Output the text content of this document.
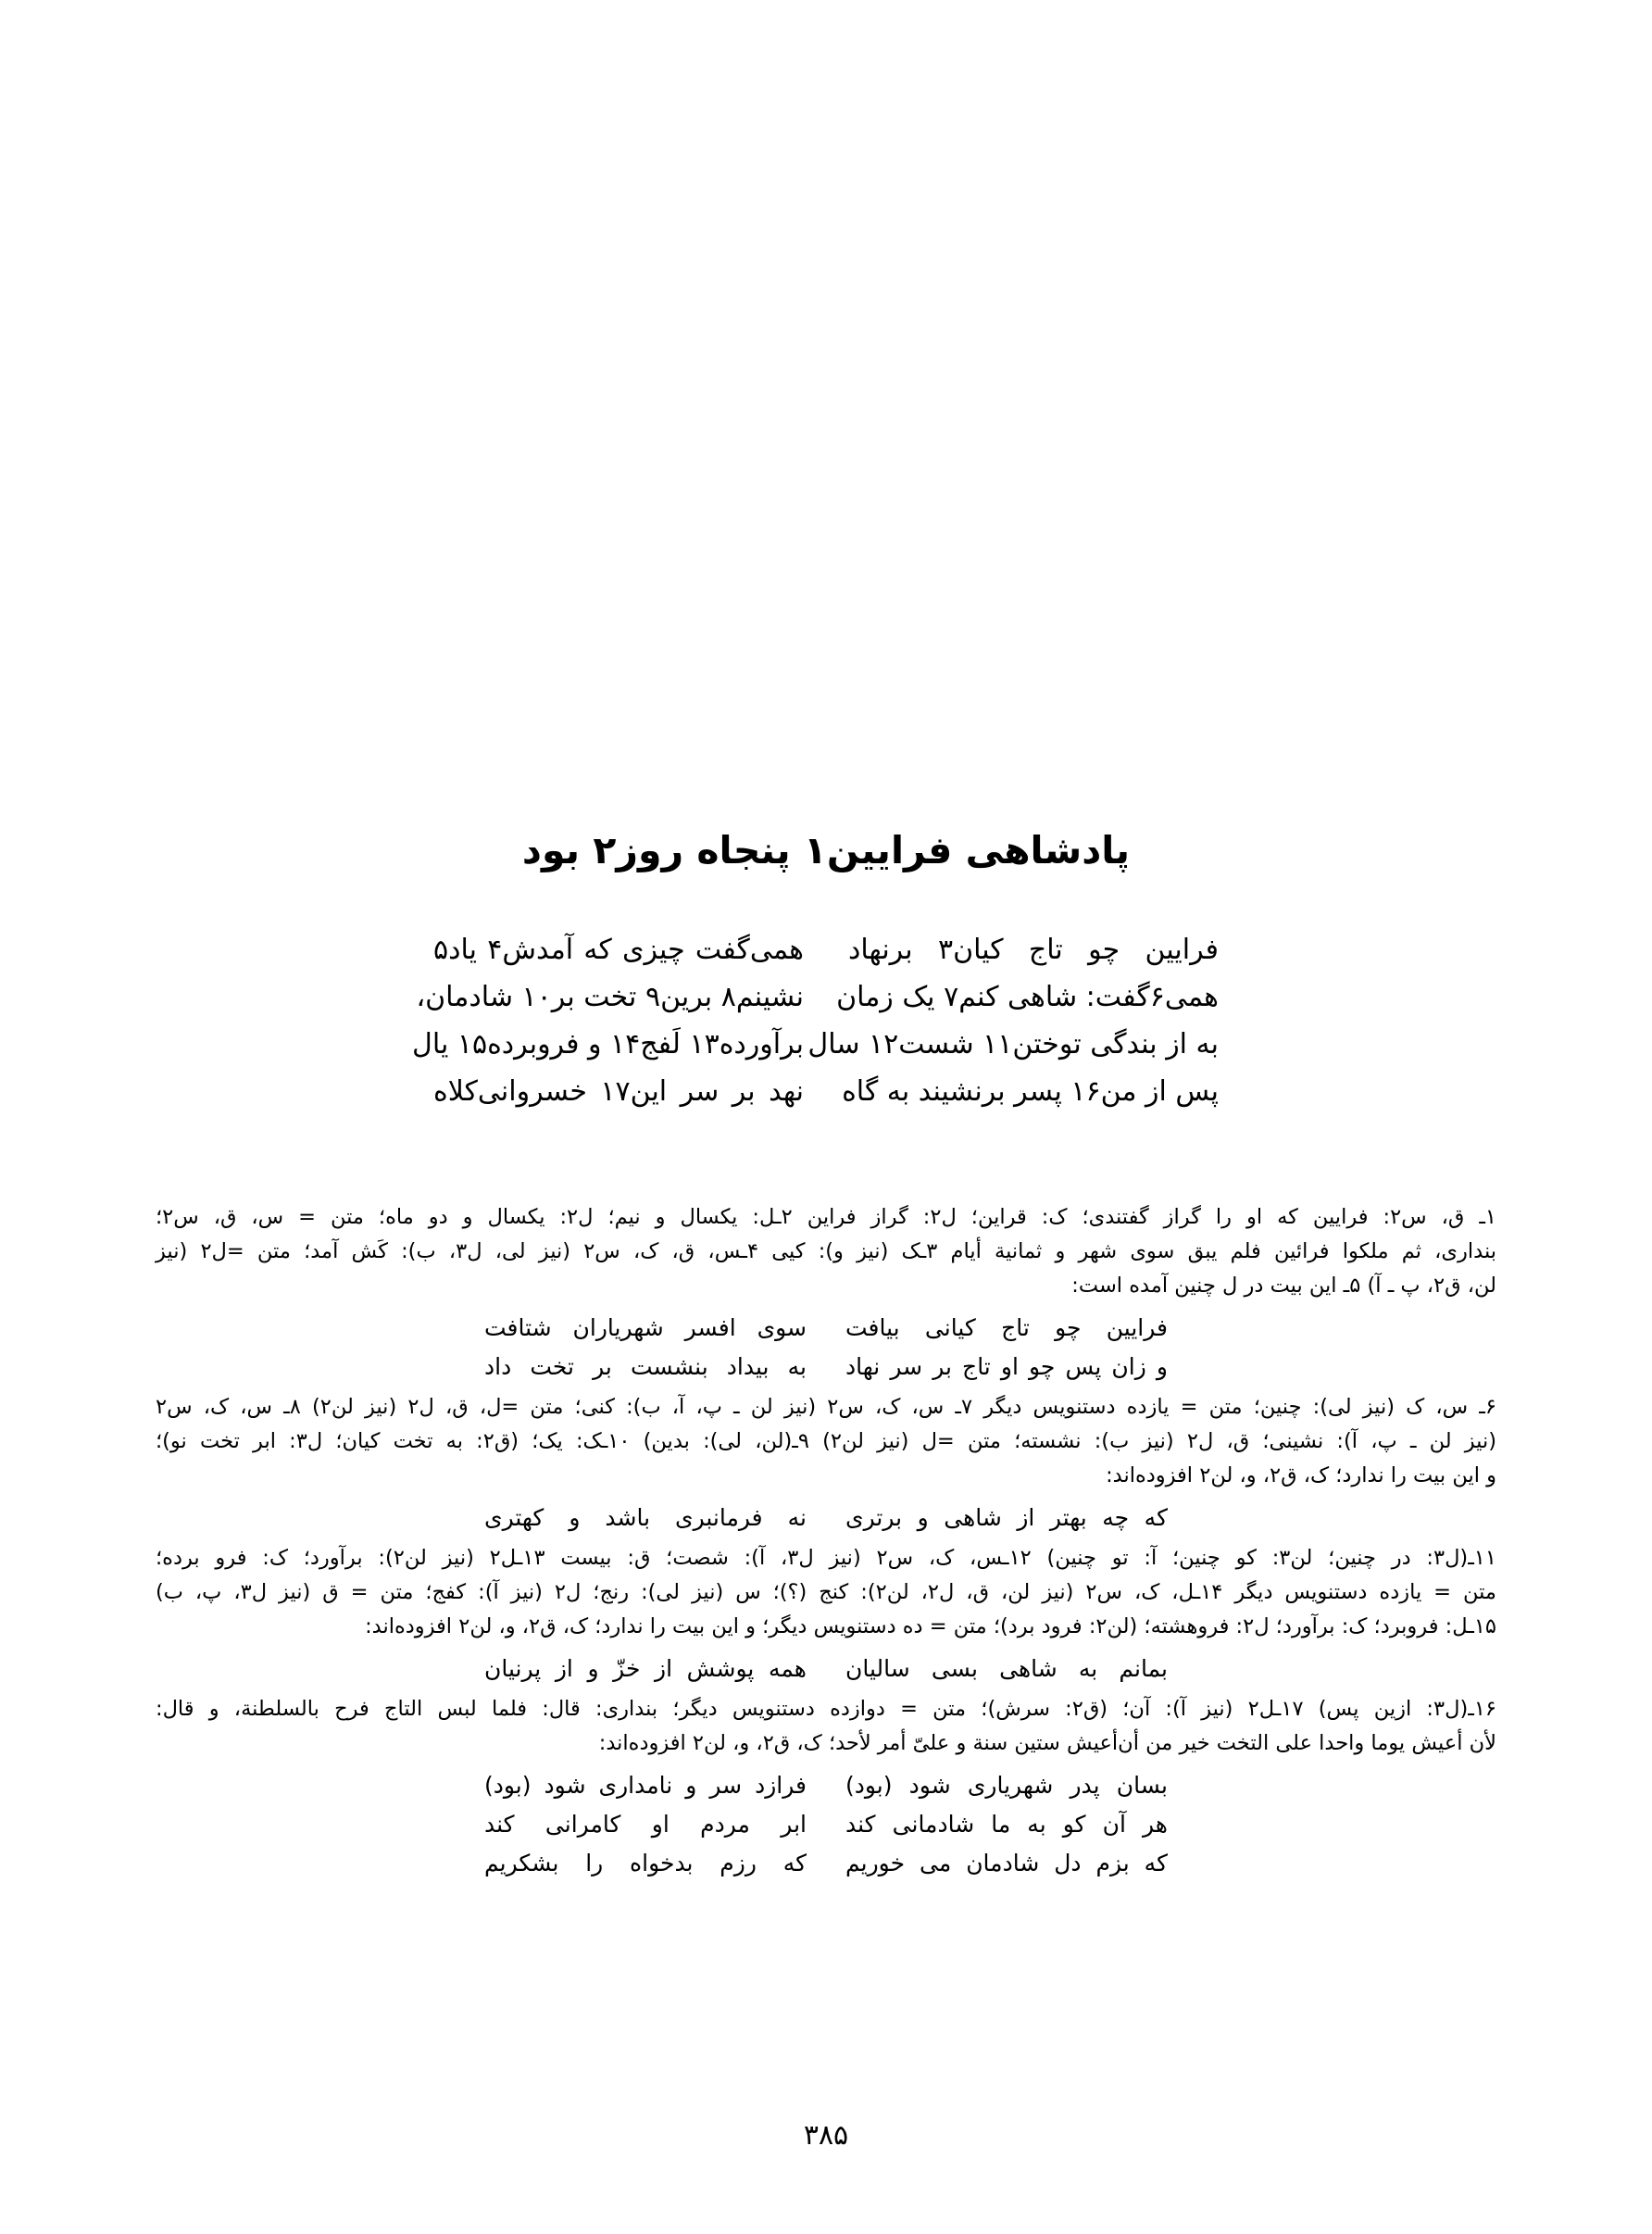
پادشاهی فرایین۱ پنجاه روز۲ بود
فرایین چو تاج کیان۳ برنهاد
همی‌گفت چیزی که آمدش۴ یاد۵
همی۶گفت: شاهی کنم۷ یک زمان
نشینم۸ برین۹ تخت بر۱۰ شادمان،
به از بندگی توختن۱۱ شست۱۲ سال
برآورده۱۳ لَفج۱۴ و فروبرده۱۵ یال
پس از من۱۶ پسر برنشیند به گاه
نهد بر سر این۱۷ خسروانی‌کلاه
۱ـ ق، س۲: فرایین که او را گراز گفتندی؛ ک: قراین؛ ل۲: گراز فراین ۲ـل: یکسال و نیم؛ ل۲: یکسال و دو ماه؛ متن = س، ق، س۲؛
بنداری، ثم ملکوا فرائین فلم یبق سوی شهر و ثمانیة أیام ۳ـک (نیز و): کیی ۴ـس، ق، ک، س۲ (نیز لی، ل۳، ب): کَش آمد؛ متن =ل۲ (نیز
لن، ق۲، پ ـ آ) ۵ـ این بیت در ل چنین آمده است:
فرایین چو تاج کیانی بیافت
سوی افسر شهریاران شتافت
و زان پس چو او تاج بر سر نهاد
به بیداد بنشست بر تخت داد
۶ـ س، ک (نیز لی): چنین؛ متن = یازده دستنویس دیگر ۷ـ س، ک، س۲ (نیز لن ـ پ، آ، ب): کنی؛ متن =ل، ق، ل۲ (نیز لن۲) ۸ـ س، ک، س۲
(نیز لن ـ پ، آ): نشینی؛ ق، ل۲ (نیز ب): نشسته؛ متن =ل (نیز لن۲) ۹ـ(لن، لی): بدین) ۱۰ـک: یک؛ (ق۲: به تخت کیان؛ ل۳: ابر تخت نو)؛
و این بیت را ندارد؛ ک، ق۲، و، لن۲ افزوده‌اند:
که چه بهتر از شاهی و برتری
نه فرمانبری باشد و کهتری
۱۱ـ(ل۳: در چنین؛ لن۳: کو چنین؛ آ: تو چنین) ۱۲ـس، ک، س۲ (نیز ل۳، آ): شصت؛ ق: بیست ۱۳ـل۲ (نیز لن۲): برآورد؛ ک: فرو برده؛
متن = یازده دستنویس دیگر ۱۴ـل، ک، س۲ (نیز لن، ق، ل۲، لن۲): کنج (؟)؛ س (نیز لی): رنج؛ ل۲ (نیز آ): کفج؛ متن = ق (نیز ل۳، پ، ب)
۱۵ـل: فروبرد؛ ک: برآورد؛ ل۲: فروهشته؛ (لن۲: فرود برد)؛ متن = ده دستنویس دیگر؛ و این بیت را ندارد؛ ک، ق۲، و، لن۲ افزوده‌اند:
بمانم به شاهی بسی سالیان
همه پوشش از خزّ و از پرنیان
۱۶ـ(ل۳: ازین پس) ۱۷ـل۲ (نیز آ): آن؛ (ق۲: سرش)؛ متن = دوازده دستنویس دیگر؛ بنداری: قال: فلما لبس التاج فرح بالسلطنة، و قال:
لأن أعیش یوما واحدا علی التخت خیر من أن‌أعیش ستین سنة و علیّ أمر لأحد؛ ک، ق۲، و، لن۲ افزوده‌اند:
بسان پدر شهریاری شود (بود)
فرازد سر و نامداری شود (بود)
هر آن کو به ما شادمانی کند
ابر مردم او کامرانی کند
که بزم دل شادمان می خوریم
که رزم بدخواه را بشکریم
۳۸۵
